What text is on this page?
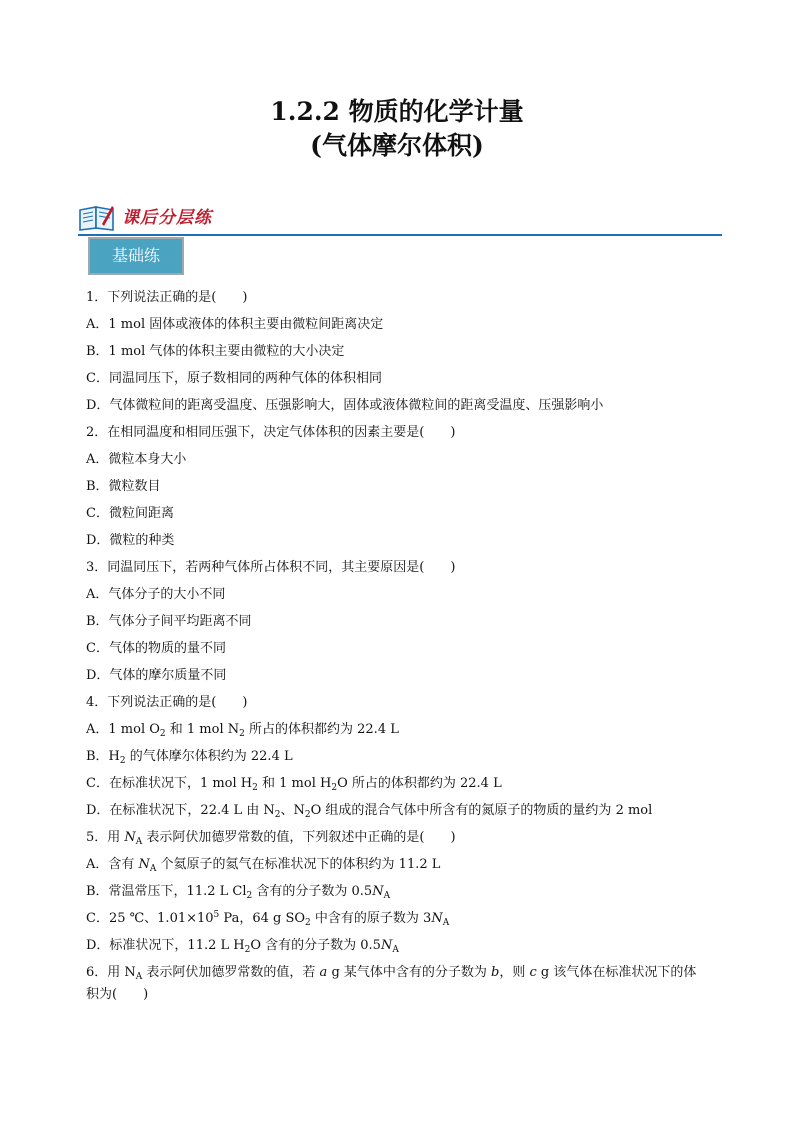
1.2.2 物质的化学计量
(气体摩尔体积)
课后分层练
基础练
1．下列说法正确的是(　　)
A．1 mol 固体或液体的体积主要由微粒间距离决定
B．1 mol 气体的体积主要由微粒的大小决定
C．同温同压下，原子数相同的两种气体的体积相同
D．气体微粒间的距离受温度、压强影响大，固体或液体微粒间的距离受温度、压强影响小
2．在相同温度和相同压强下，决定气体体积的因素主要是(　　)
A．微粒本身大小
B．微粒数目
C．微粒间距离
D．微粒的种类
3．同温同压下，若两种气体所占体积不同，其主要原因是(　　)
A．气体分子的大小不同
B．气体分子间平均距离不同
C．气体的物质的量不同
D．气体的摩尔质量不同
4．下列说法正确的是(　　)
A．1 mol $O_2$ 和 1 mol $N_2$ 所占的体积都约为 22.4 L
B．$H_2$ 的气体摩尔体积约为 22.4 L
C．在标准状况下，1 mol $H_2$ 和 1 mol $H_2O$ 所占的体积都约为 22.4 L
D．在标准状况下，22.4 L 由 $N_2$、$N_2O$ 组成的混合气体中所含有的氮原子的物质的量约为 2 mol
5．用 $N_A$ 表示阿伏加德罗常数的值，下列叙述中正确的是(　　)
A．含有 $N_A$ 个氦原子的氦气在标准状况下的体积约为 11.2 L
B．常温常压下，11.2 L $Cl_2$ 含有的分子数为 $0.5N_A$
C．25 ℃、$1.01\times 10^5$ Pa，64 g $SO_2$ 中含有的原子数为 $3N_A$
D．标准状况下，11.2 L $H_2O$ 含有的分子数为 $0.5N_A$
6．用 $N_A$ 表示阿伏加德罗常数的值，若 a g 某气体中含有的分子数为 b，则 c g 该气体在标准状况下的体
积为(　　)
